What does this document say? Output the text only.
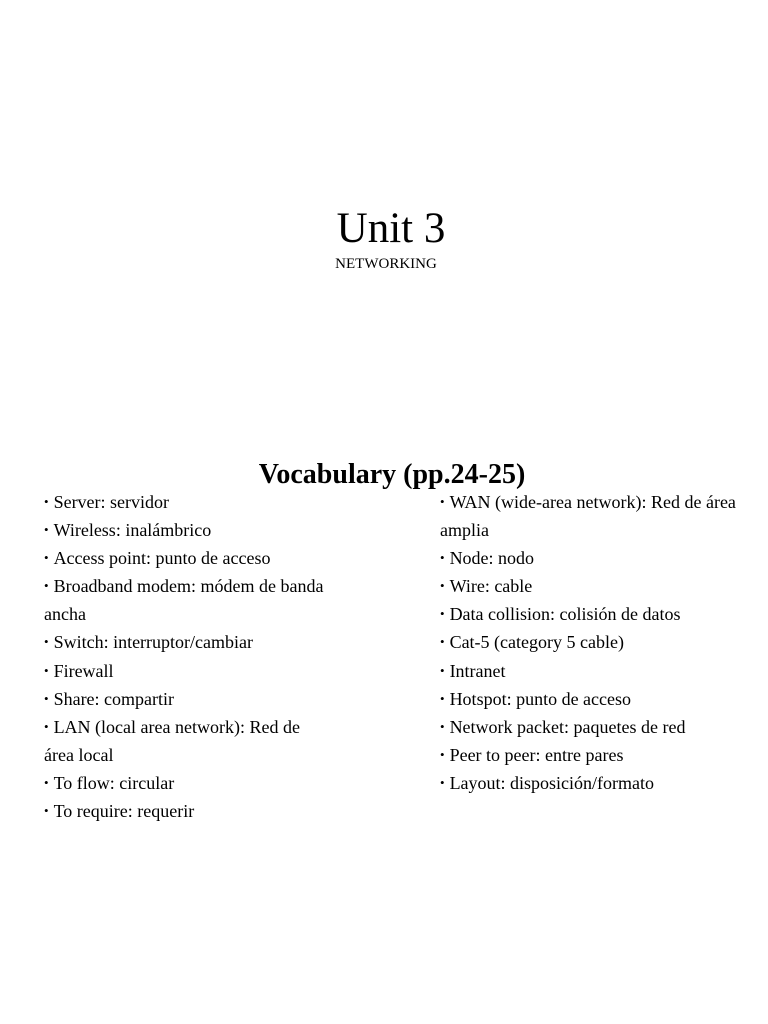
Unit 3

NETWORKING

Vocabulary (pp.24-25)
• Server: servidor
• Wireless: inalámbrico
• Access point: punto de acceso
• Broadband modem: módem de banda ancha
• Switch: interruptor/cambiar
• Firewall
• Share: compartir
• LAN (local area network): Red de área local
• To flow: circular
• To require: requerir
• WAN (wide-area network): Red de área amplia
• Node: nodo
• Wire: cable
• Data collision: colisión de datos
• Cat-5 (category 5 cable)
• Intranet
• Hotspot: punto de acceso
• Network packet: paquetes de red
• Peer to peer: entre pares
• Layout: disposición/formato
